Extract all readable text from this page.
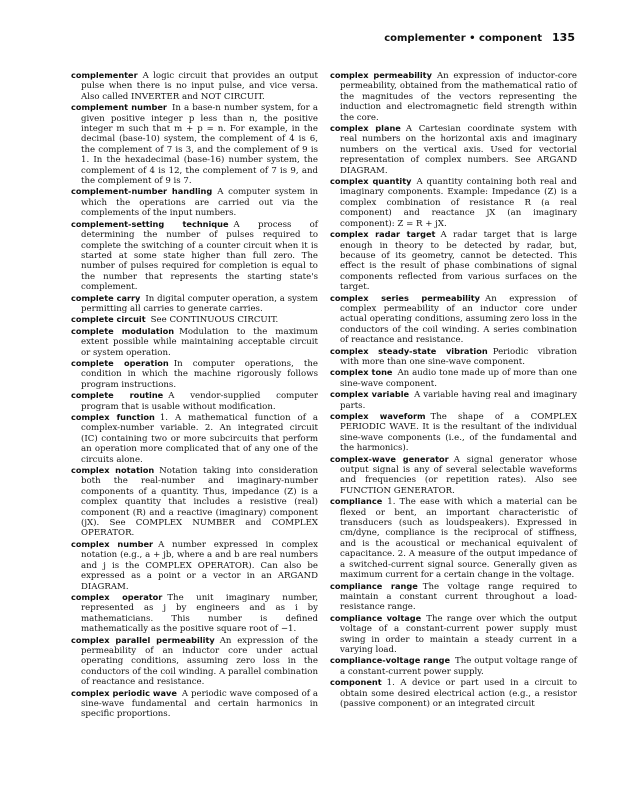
complementer • component 135

complementer A logic circuit that provides an output pulse when there is no input pulse, and vice versa. Also called INVERTER and NOT CIRCUIT.

complement number In a base-n number system, for a given positive integer p less than n, the positive integer m such that m + p = n. For example, in the decimal (base-10) system, the complement of 4 is 6, the complement of 7 is 3, and the complement of 9 is 1. In the hexadecimal (base-16) number system, the complement of 4 is 12, the complement of 7 is 9, and the complement of 9 is 7.

complement-number handling A computer system in which the operations are carried out via the complements of the input numbers.

complement-setting technique A process of determining the number of pulses required to complete the switching of a counter circuit when it is started at some state higher than full zero. The number of pulses required for completion is equal to the number that represents the starting state's complement.

complete carry In digital computer operation, a system permitting all carries to generate carries.

complete circuit See CONTINUOUS CIRCUIT.

complete modulation Modulation to the maximum extent possible while maintaining acceptable circuit or system operation.

complete operation In computer operations, the condition in which the machine rigorously follows program instructions.

complete routine A vendor-supplied computer program that is usable without modification.

complex function 1. A mathematical function of a complex-number variable. 2. An integrated circuit (IC) containing two or more subcircuits that perform an operation more complicated that of any one of the circuits alone.

complex notation Notation taking into consideration both the real-number and imaginary-number components of a quantity. Thus, impedance (Z) is a complex quantity that includes a resistive (real) component (R) and a reactive (imaginary) component (jX). See COMPLEX NUMBER and COMPLEX OPERATOR.

complex number A number expressed in complex notation (e.g., a + jb, where a and b are real numbers and j is the COMPLEX OPERATOR). Can also be expressed as a point or a vector in an ARGAND DIAGRAM.

complex operator The unit imaginary number, represented as j by engineers and as i by mathematicians. This number is defined mathematically as the positive square root of −1.

complex parallel permeability An expression of the permeability of an inductor core under actual operating conditions, assuming zero loss in the conductors of the coil winding. A parallel combination of reactance and resistance.

complex periodic wave A periodic wave composed of a sine-wave fundamental and certain harmonics in specific proportions.

complex permeability An expression of inductor-core permeability, obtained from the mathematical ratio of the magnitudes of the vectors representing the induction and electromagnetic field strength within the core.

complex plane A Cartesian coordinate system with real numbers on the horizontal axis and imaginary numbers on the vertical axis. Used for vectorial representation of complex numbers. See ARGAND DIAGRAM.

complex quantity A quantity containing both real and imaginary components. Example: Impedance (Z) is a complex combination of resistance R (a real component) and reactance jX (an imaginary component): Z = R + jX.

complex radar target A radar target that is large enough in theory to be detected by radar, but, because of its geometry, cannot be detected. This effect is the result of phase combinations of signal components reflected from various surfaces on the target.

complex series permeability An expression of complex permeability of an inductor core under actual operating conditions, assuming zero loss in the conductors of the coil winding. A series combination of reactance and resistance.

complex steady-state vibration Periodic vibration with more than one sine-wave component.

complex tone An audio tone made up of more than one sine-wave component.

complex variable A variable having real and imaginary parts.

complex waveform The shape of a COMPLEX PERIODIC WAVE. It is the resultant of the individual sine-wave components (i.e., of the fundamental and the harmonics).

complex-wave generator A signal generator whose output signal is any of several selectable waveforms and frequencies (or repetition rates). Also see FUNCTION GENERATOR.

compliance 1. The ease with which a material can be flexed or bent, an important characteristic of transducers (such as loudspeakers). Expressed in cm/dyne, compliance is the reciprocal of stiffness, and is the acoustical or mechanical equivalent of capacitance. 2. A measure of the output impedance of a switched-current signal source. Generally given as maximum current for a certain change in the voltage.

compliance range The voltage range required to maintain a constant current throughout a load-resistance range.

compliance voltage The range over which the output voltage of a constant-current power supply must swing in order to maintain a steady current in a varying load.

compliance-voltage range The output voltage range of a constant-current power supply.

component 1. A device or part used in a circuit to obtain some desired electrical action (e.g., a resistor (passive component) or an integrated circuit
